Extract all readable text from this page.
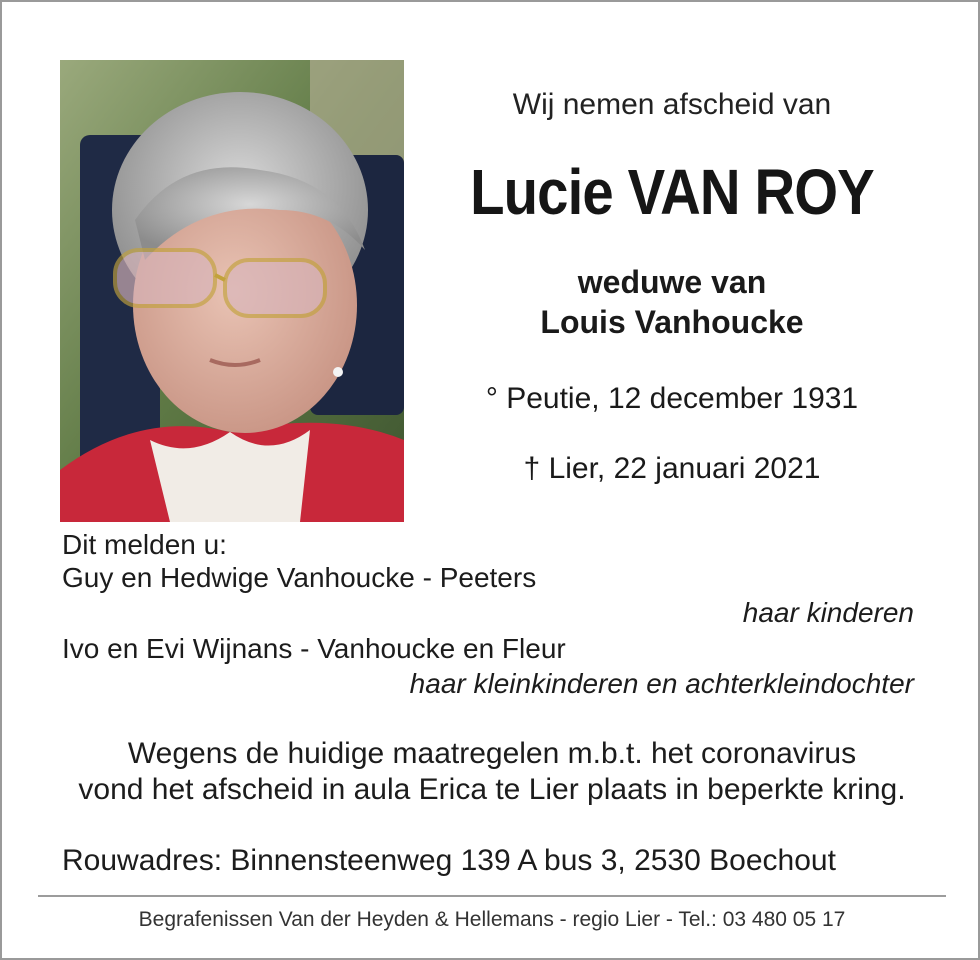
Wij nemen afscheid van
Lucie VAN ROY
weduwe van
Louis Vanhoucke
° Peutie, 12 december 1931
† Lier, 22 januari 2021
Dit melden u:
Guy en Hedwige Vanhoucke - Peeters
haar kinderen
Ivo en Evi Wijnans - Vanhoucke en Fleur
haar kleinkinderen en achterkleindochter
Wegens de huidige maatregelen m.b.t. het coronavirus
vond het afscheid in aula Erica te Lier plaats in beperkte kring.
Rouwadres: Binnensteenweg 139 A bus 3, 2530 Boechout
Begrafenissen Van der Heyden & Hellemans - regio Lier - Tel.: 03 480 05 17
